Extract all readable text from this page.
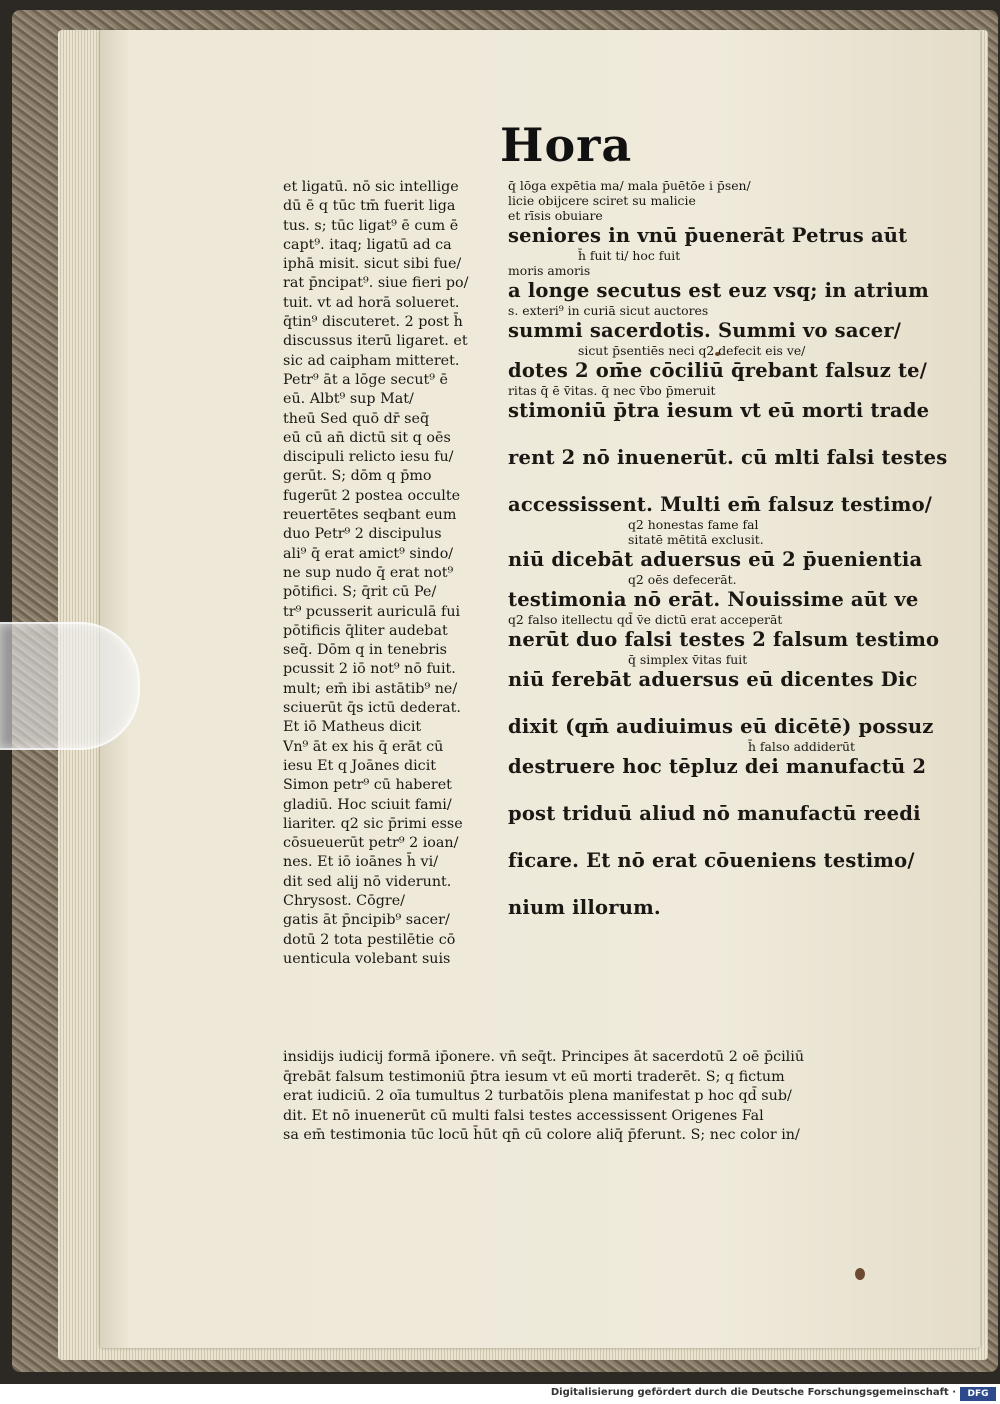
Hora
et ligatū. nō sic intellige
dū ē q tūc tm̄ fuerit liga
tus. s; tūc ligat⁹ ē cum ē
capt⁹. itaq; ligatū ad ca
iphā misit. sicut sibi fue/
rat p̄ncipat⁹. siue fieri po/
tuit. vt ad horā solueret.
q̄tin⁹ discuteret. 2 post h̄
discussus iterū ligaret. et
sic ad caipham mitteret.
Petr⁹ āt a lōge secut⁹ ē
eū. Albt⁹ sup Mat/
theū Sed quō dr̄ seq̄
eū cū an̄ dictū sit q oēs
discipuli relicto iesu fu/
gerūt. S; dōm q p̄mo
fugerūt 2 postea occulte
reuertētes seqbant eum
duo Petr⁹ 2 discipulus
ali⁹ q̄ erat amict⁹ sindo/
ne sup nudo q̄ erat not⁹
pōtifici. S; q̄rit cū Pe/
tr⁹ pcusserit auriculā fui
pōtificis q̄liter audebat
seq̄. Dōm q in tenebris
pcussit 2 iō not⁹ nō fuit.
mult; em̄ ibi astātib⁹ ne/
sciuerūt q̄s ictū dederat.
Et iō Matheus dicit
Vn⁹ āt ex his q̄ erāt cū
iesu Et q Joānes dicit
Simon petr⁹ cū haberet
gladiū. Hoc sciuit fami/
liariter. q2 sic p̄rimi esse
cōsueuerūt petr⁹ 2 ioan/
nes. Et iō ioānes h̄ vi/
dit sed alij nō viderunt.
Chrysost. Cōgre/
gatis āt p̄ncipib⁹ sacer/
dotū 2 tota pestilētie cō
uenticula volebant suis
q̄ lōga expētia ma/ mala p̄uētōe i p̄sen/
licie obijcere sciret su malicie
et rīsis obuiare
seniores in vnū p̄uenerāt Petrus aūt
h̄ fuit ti/ hoc fuit
moris amoris
a longe secutus est euz vsq; in atrium
s. exteri⁹ in curiā sicut auctores
summi sacerdotis. Summi vo sacer/
sicut p̄sentiēs neci q2 defecit eis ve/
dotes 2 om̄e cōciliū q̄rebant falsuz te/
ritas q̄ ē v̄itas. q̄ nec v̄bo p̄meruit
stimoniū p̄tra iesum vt eū morti trade
rent 2 nō inuenerūt. cū mlti falsi testes
accessissent. Multi em̄ falsuz testimo/
q2 honestas fame fal
sitatē mētitā exclusit.
niū dicebāt aduersus eū 2 p̄uenientia
q2 oēs defecerāt.
testimonia nō erāt. Nouissime aūt ve
q2 falso itellectu qd̄ v̄e dictū erat acceperāt
nerūt duo falsi testes 2 falsum testimo
q̄ simplex v̄itas fuit
niū ferebāt aduersus eū dicentes Dic
dixit (qm̄ audiuimus eū dicētē) possuz
h̄ falso addiderūt
destruere hoc tēpluz dei manufactū 2
post triduū aliud nō manufactū reedi
ficare. Et nō erat cōueniens testimo/
nium illorum.
insidijs iudicij formā ip̄onere. vn̄ seq̄t. Principes āt sacerdotū 2 oē p̄ciliū
q̄rebāt falsum testimoniū p̄tra iesum vt eū morti traderēt. S; q fictum
erat iudiciū. 2 oīa tumultus 2 turbatōis plena manifestat p hoc qd̄ sub/
dit. Et nō inuenerūt cū multi falsi testes accessissent Origenes Fal
sa em̄ testimonia tūc locū h̄ūt qn̄ cū colore aliq̄ p̄ferunt. S; nec color in/
Digitalisierung gefördert durch die Deutsche Forschungsgemeinschaft ·	DFG
